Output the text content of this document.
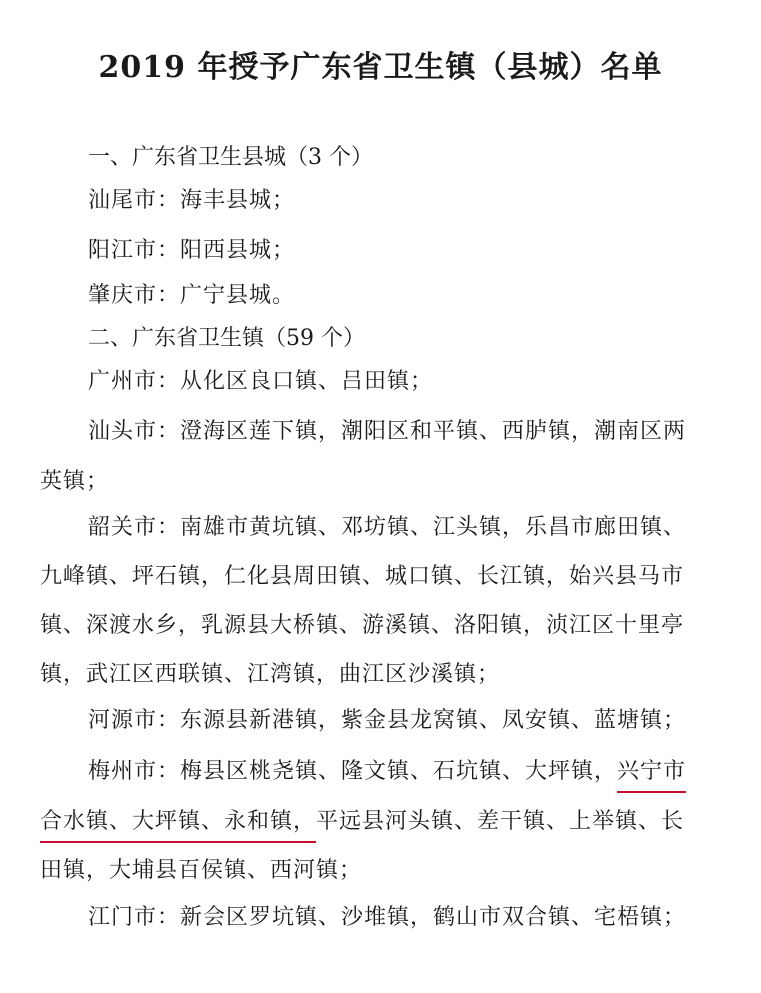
2019 年授予广东省卫生镇（县城）名单
一、广东省卫生县城（3 个）
汕尾市：海丰县城；
阳江市：阳西县城；
肇庆市：广宁县城。
二、广东省卫生镇（59 个）
广州市：从化区良口镇、吕田镇；
汕头市：澄海区莲下镇，潮阳区和平镇、西胪镇，潮南区两
英镇；
韶关市：南雄市黄坑镇、邓坊镇、江头镇，乐昌市廊田镇、
九峰镇、坪石镇，仁化县周田镇、城口镇、长江镇，始兴县马市
镇、深渡水乡，乳源县大桥镇、游溪镇、洛阳镇，浈江区十里亭
镇，武江区西联镇、江湾镇，曲江区沙溪镇；
河源市：东源县新港镇，紫金县龙窝镇、凤安镇、蓝塘镇；
梅州市：梅县区桃尧镇、隆文镇、石坑镇、大坪镇，兴宁市
合水镇、大坪镇、永和镇，平远县河头镇、差干镇、上举镇、长
田镇，大埔县百侯镇、西河镇；
江门市：新会区罗坑镇、沙堆镇，鹤山市双合镇、宅梧镇；
